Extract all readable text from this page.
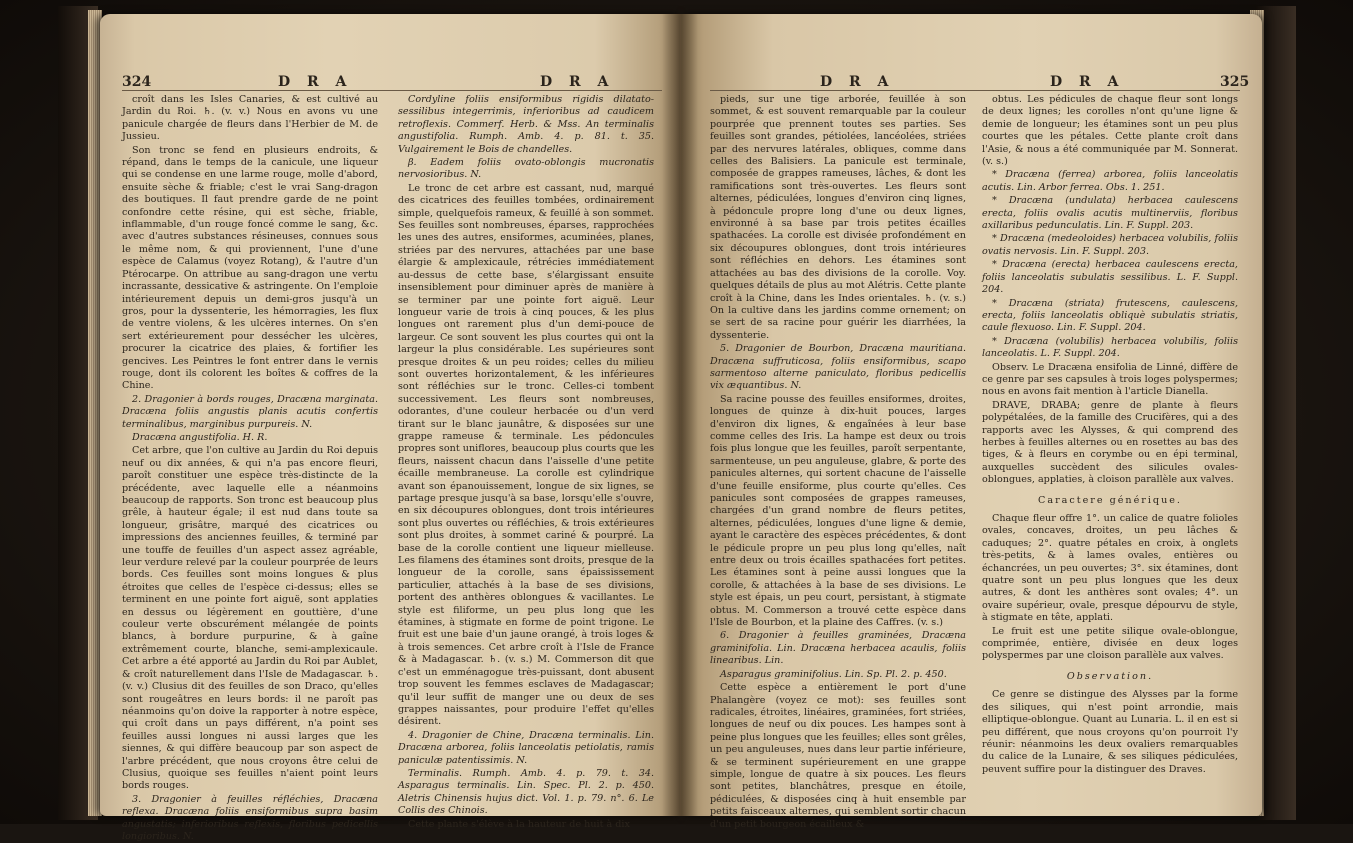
324	D R A	D R A

croît dans les Isles Canaries, & est cultivé au Jardin du Roi. ♄. (v. v.) Nous en avons vu une panicule chargée de fleurs dans l'Herbier de M. de Jussieu.

Son tronc se fend en plusieurs endroits, & répand, dans le temps de la canicule, une liqueur qui se condense en une larme rouge, molle d'abord, ensuite sèche & friable; c'est le vrai Sang-dragon des boutiques. Il faut prendre garde de ne point confondre cette résine, qui est sèche, friable, inflammable, d'un rouge foncé comme le sang, &c. avec d'autres substances résineuses, connues sous le même nom, & qui proviennent, l'une d'une espèce de Calamus (voyez Rotang), & l'autre d'un Ptérocarpe. On attribue au sang-dragon une vertu incrassante, dessicative & astringente. On l'emploie intérieurement depuis un demi-gros jusqu'à un gros, pour la dyssenterie, les hémorragies, les flux de ventre violens, & les ulcères internes. On s'en sert extérieurement pour dessécher les ulcères, procurer la cicatrice des plaies, & fortifier les gencives. Les Peintres le font entrer dans le vernis rouge, dont ils colorent les boîtes & coffres de la Chine.

2. Dragonier à bords rouges, Dracæna marginata. Dracæna foliis angustis planis acutis confertis terminalibus, marginibus purpureis. N.

Dracæna angustifolia. H. R.

Cet arbre, que l'on cultive au Jardin du Roi depuis neuf ou dix années, & qui n'a pas encore fleuri, paroît constituer une espèce très-distincte de la précédente, avec laquelle elle a néanmoins beaucoup de rapports. Son tronc est beaucoup plus grêle, à hauteur égale; il est nud dans toute sa longueur, grisâtre, marqué des cicatrices ou impressions des anciennes feuilles, & terminé par une touffe de feuilles d'un aspect assez agréable, leur verdure relevé par la couleur pourprée de leurs bords. Ces feuilles sont moins longues & plus étroites que celles de l'espèce ci-dessus; elles se terminent en une pointe fort aiguë, sont applaties en dessus ou légèrement en gouttière, d'une couleur verte obscurément mélangée de points blancs, à bordure purpurine, & à gaîne extrêmement courte, blanche, semi-amplexicaule. Cet arbre a été apporté au Jardin du Roi par Aublet, & croît naturellement dans l'Isle de Madagascar. ♄. (v. v.) Clusius dit des feuilles de son Draco, qu'elles sont rougeâtres en leurs bords: il ne paroît pas néanmoins qu'on doive la rapporter à notre espèce, qui croît dans un pays différent, n'a point ses feuilles aussi longues ni aussi larges que les siennes, & qui diffère beaucoup par son aspect de l'arbre précédent, que nous croyons être celui de Clusius, quoique ses feuilles n'aient point leurs bords rouges.

3. Dragonier à feuilles réfléchies, Dracæna reflexa. Dracæna foliis ensiformibus supra basim angustatis; inferioribus reflexis, floribus pedicellis longioribus. N.

Cordyline foliis ensiformibus rigidis dilatato-sessilibus integerrimis, inferioribus ad caudicem retroflexis. Commerf. Herb. & Mss. An terminalis angustifolia. Rumph. Amb. 4. p. 81. t. 35. Vulgairement le Bois de chandelles.

β. Eadem foliis ovato-oblongis mucronatis nervosioribus. N.

Le tronc de cet arbre est cassant, nud, marqué des cicatrices des feuilles tombées, ordinairement simple, quelquefois rameux, & feuillé à son sommet. Ses feuilles sont nombreuses, éparses, rapprochées les unes des autres, ensiformes, acuminées, planes, striées par des nervures, attachées par une base élargie & amplexicaule, rétrécies immédiatement au-dessus de cette base, s'élargissant ensuite insensiblement pour diminuer après de manière à se terminer par une pointe fort aiguë. Leur longueur varie de trois à cinq pouces, & les plus longues ont rarement plus d'un demi-pouce de largeur. Ce sont souvent les plus courtes qui ont la largeur la plus considérable. Les supérieures sont presque droites & un peu roides; celles du milieu sont ouvertes horizontalement, & les inférieures sont réfléchies sur le tronc. Celles-ci tombent successivement. Les fleurs sont nombreuses, odorantes, d'une couleur herbacée ou d'un verd tirant sur le blanc jaunâtre, & disposées sur une grappe rameuse & terminale. Les pédoncules propres sont uniflores, beaucoup plus courts que les fleurs, naissent chacun dans l'aisselle d'une petite écaille membraneuse. La corolle est cylindrique avant son épanouissement, longue de six lignes, se partage presque jusqu'à sa base, lorsqu'elle s'ouvre, en six découpures oblongues, dont trois intérieures sont plus ouvertes ou réfléchies, & trois extérieures sont plus droites, à sommet cariné & pourpré. La base de la corolle contient une liqueur mielleuse. Les filamens des étamines sont droits, presque de la longueur de la corolle, sans épaississement particulier, attachés à la base de ses divisions, portent des anthères oblongues & vacillantes. Le style est filiforme, un peu plus long que les étamines, à stigmate en forme de point trigone. Le fruit est une baie d'un jaune orangé, à trois loges & à trois semences. Cet arbre croît à l'Isle de France & à Madagascar. ♄. (v. s.) M. Commerson dit que c'est un emménagogue très-puissant, dont abusent trop souvent les femmes esclaves de Madagascar; qu'il leur suffit de manger une ou deux de ses grappes naissantes, pour produire l'effet qu'elles désirent.

4. Dragonier de Chine, Dracæna terminalis. Lin. Dracæna arborea, foliis lanceolatis petiolatis, ramis paniculæ patentissimis. N.

Terminalis. Rumph. Amb. 4. p. 79. t. 34. Asparagus terminalis. Lin. Spec. Pl. 2. p. 450. Aletris Chinensis hujus dict. Vol. 1. p. 79. n°. 6. Le Collis des Chinois.

Cette plante s'élève à la hauteur de huit à dix

D R A	D R A	325

pieds, sur une tige arborée, feuillée à son sommet, & est souvent remarquable par la couleur pourprée que prennent toutes ses parties. Ses feuilles sont grandes, pétiolées, lancéolées, striées par des nervures latérales, obliques, comme dans celles des Balisiers. La panicule est terminale, composée de grappes rameuses, lâches, & dont les ramifications sont très-ouvertes. Les fleurs sont alternes, pédiculées, longues d'environ cinq lignes, à pédoncule propre long d'une ou deux lignes, environné à sa base par trois petites écailles spathacées. La corolle est divisée profondément en six découpures oblongues, dont trois intérieures sont réfléchies en dehors. Les étamines sont attachées au bas des divisions de la corolle. Voy. quelques détails de plus au mot Alétris. Cette plante croît à la Chine, dans les Indes orientales. ♄. (v. s.) On la cultive dans les jardins comme ornement; on se sert de sa racine pour guérir les diarrhées, la dyssenterie.

5. Dragonier de Bourbon, Dracæna mauritiana. Dracæna suffruticosa, foliis ensiformibus, scapo sarmentoso alterne paniculato, floribus pedicellis vix æquantibus. N.

Sa racine pousse des feuilles ensiformes, droites, longues de quinze à dix-huit pouces, larges d'environ dix lignes, & engaînées à leur base comme celles des Iris. La hampe est deux ou trois fois plus longue que les feuilles, paroît serpentante, sarmenteuse, un peu anguleuse, glabre, & porte des panicules alternes, qui sortent chacune de l'aisselle d'une feuille ensiforme, plus courte qu'elles. Ces panicules sont composées de grappes rameuses, chargées d'un grand nombre de fleurs petites, alternes, pédiculées, longues d'une ligne & demie, ayant le caractère des espèces précédentes, & dont le pédicule propre un peu plus long qu'elles, naît entre deux ou trois écailles spathacées fort petites. Les étamines sont à peine aussi longues que la corolle, & attachées à la base de ses divisions. Le style est épais, un peu court, persistant, à stigmate obtus. M. Commerson a trouvé cette espèce dans l'Isle de Bourbon, et la plaine des Caffres. (v. s.)

6. Dragonier à feuilles graminées, Dracæna graminifolia. Lin. Dracæna herbacea acaulis, foliis linearibus. Lin.

Asparagus graminifolius. Lin. Sp. Pl. 2. p. 450.

Cette espèce a entièrement le port d'une Phalangère (voyez ce mot): ses feuilles sont radicales, étroites, linéaires, graminées, fort striées, longues de neuf ou dix pouces. Les hampes sont à peine plus longues que les feuilles; elles sont grêles, un peu anguleuses, nues dans leur partie inférieure, & se terminent supérieurement en une grappe simple, longue de quatre à six pouces. Les fleurs sont petites, blanchâtres, presque en étoile, pédiculées, & disposées cinq à huit ensemble par petits faisceaux alternes, qui semblent sortir chacun d'un petit bourgeon écailleux &

obtus. Les pédicules de chaque fleur sont longs de deux lignes; les corolles n'ont qu'une ligne & demie de longueur; les étamines sont un peu plus courtes que les pétales. Cette plante croît dans l'Asie, & nous a été communiquée par M. Sonnerat. (v. s.)

* Dracæna (ferrea) arborea, foliis lanceolatis acutis. Lin. Arbor ferrea. Obs. 1. 251.

* Dracæna (undulata) herbacea caulescens erecta, foliis ovalis acutis multinerviis, floribus axillaribus pedunculatis. Lin. F. Suppl. 203.

* Dracæna (medeoloides) herbacea volubilis, foliis ovatis nervosis. Lin. F. Suppl. 203.

* Dracæna (erecta) herbacea caulescens erecta, foliis lanceolatis subulatis sessilibus. L. F. Suppl. 204.

* Dracæna (striata) frutescens, caulescens, erecta, foliis lanceolatis obliquè subulatis striatis, caule flexuoso. Lin. F. Suppl. 204.

* Dracæna (volubilis) herbacea volubilis, foliis lanceolatis. L. F. Suppl. 204.

Observ. Le Dracæna ensifolia de Linné, diffère de ce genre par ses capsules à trois loges polyspermes; nous en avons fait mention à l'article Dianella.

DRAVE, DRABA; genre de plante à fleurs polypétalées, de la famille des Crucifères, qui a des rapports avec les Alysses, & qui comprend des herbes à feuilles alternes ou en rosettes au bas des tiges, & à fleurs en corymbe ou en épi terminal, auxquelles succèdent des silicules ovales-oblongues, applaties, à cloison parallèle aux valves.

Caractere générique.

Chaque fleur offre 1°. un calice de quatre folioles ovales, concaves, droites, un peu lâches & caduques; 2°. quatre pétales en croix, à onglets très-petits, & à lames ovales, entières ou échancrées, un peu ouvertes; 3°. six étamines, dont quatre sont un peu plus longues que les deux autres, & dont les anthères sont ovales; 4°. un ovaire supérieur, ovale, presque dépourvu de style, à stigmate en tête, applati.

Le fruit est une petite silique ovale-oblongue, comprimée, entière, divisée en deux loges polyspermes par une cloison parallèle aux valves.

Observation.

Ce genre se distingue des Alysses par la forme des siliques, qui n'est point arrondie, mais elliptique-oblongue. Quant au Lunaria. L. il en est si peu différent, que nous croyons qu'on pourroit l'y réunir: néanmoins les deux ovaliers remarquables du calice de la Lunaire, & ses siliques pédiculées, peuvent suffire pour la distinguer des Draves.
